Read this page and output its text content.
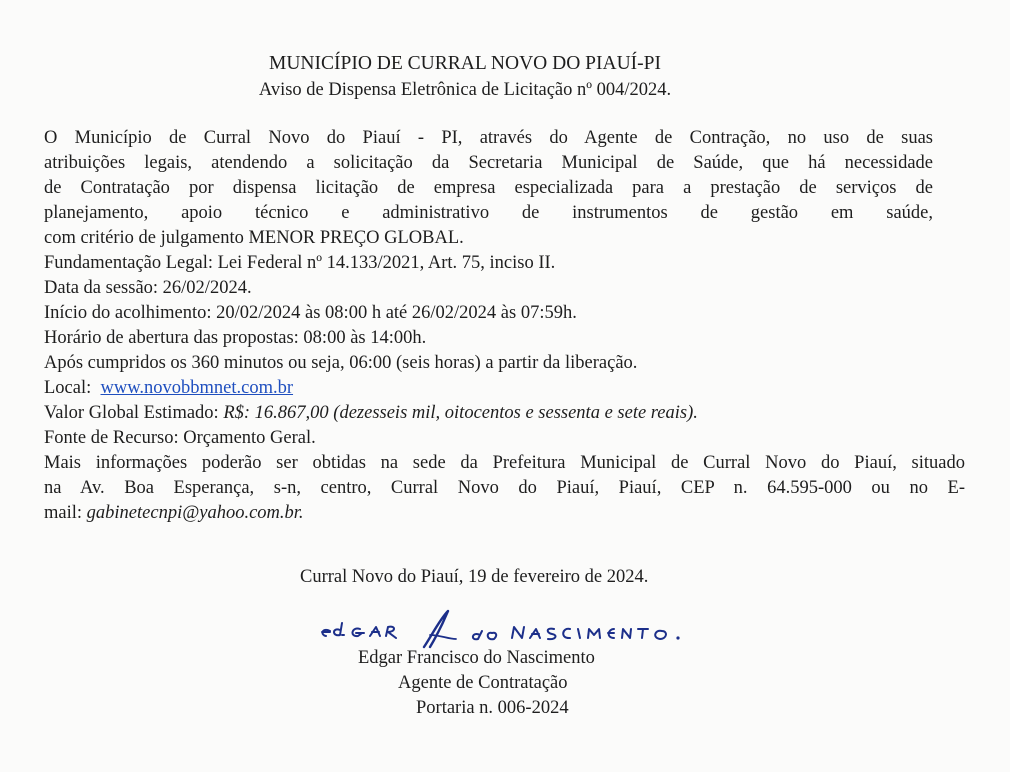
MUNICÍPIO DE CURRAL NOVO DO PIAUÍ-PI
Aviso de Dispensa Eletrônica de Licitação nº 004/2024.
O Município de Curral Novo do Piauí - PI, através do Agente de Contração, no uso de suas
atribuições legais, atendendo a solicitação da Secretaria Municipal de Saúde, que há necessidade
de Contratação por dispensa licitação de empresa especializada para a prestação de serviços de
planejamento, apoio técnico e administrativo de instrumentos de gestão em saúde,
com critério de julgamento MENOR PREÇO GLOBAL.
Fundamentação Legal: Lei Federal nº 14.133/2021, Art. 75, inciso II.
Data da sessão: 26/02/2024.
Início do acolhimento: 20/02/2024 às 08:00 h até 26/02/2024 às 07:59h.
Horário de abertura das propostas: 08:00 às 14:00h.
Após cumpridos os 360 minutos ou seja, 06:00 (seis horas) a partir da liberação.
Local: www.novobbmnet.com.br
Valor Global Estimado: R$: 16.867,00 (dezesseis mil, oitocentos e sessenta e sete reais).
Fonte de Recurso: Orçamento Geral.
Mais informações poderão ser obtidas na sede da Prefeitura Municipal de Curral Novo do Piauí, situado
na Av. Boa Esperança, s-n, centro, Curral Novo do Piauí, Piauí, CEP n. 64.595-000 ou no E-
mail: gabinetecnpi@yahoo.com.br.
Curral Novo do Piauí, 19 de fevereiro de 2024.
Edgar Francisco do Nascimento
Agente de Contratação
Portaria n. 006-2024
